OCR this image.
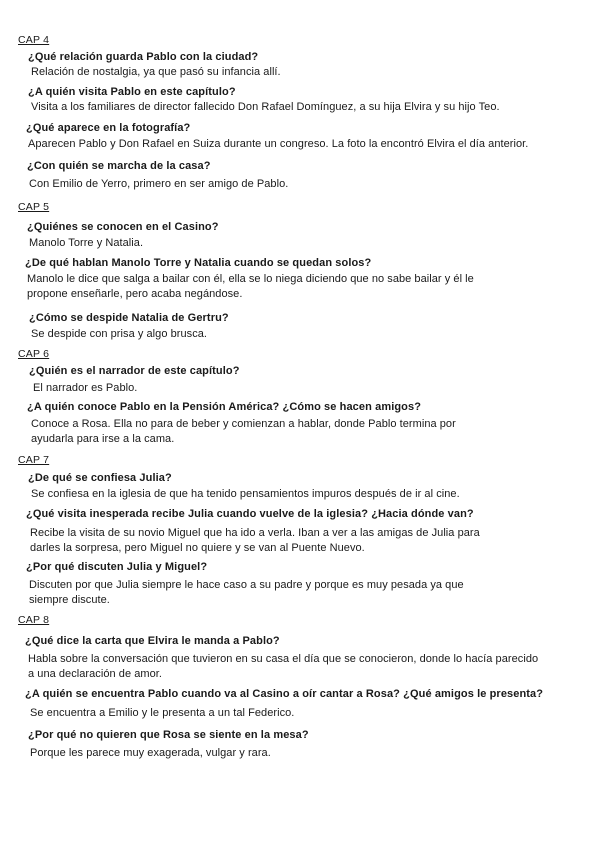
CAP 4
¿Qué relación guarda Pablo con la ciudad?
Relación de nostalgia, ya que pasó su infancia allí.
¿A quién visita Pablo en este capítulo?
Visita a los familiares de director fallecido Don Rafael Domínguez, a su hija Elvira y su hijo Teo.
¿Qué aparece en la fotografía?
Aparecen Pablo y Don Rafael en Suiza durante un congreso. La foto la encontró Elvira el día anterior.
¿Con quién se marcha de la casa?
Con Emilio de Yerro, primero en ser amigo de Pablo.
CAP 5
¿Quiénes se conocen en el Casino?
Manolo Torre y Natalia.
¿De qué hablan Manolo Torre y Natalia cuando se quedan solos?
Manolo le dice que salga a bailar con él, ella se lo niega diciendo que no sabe bailar y él le
propone enseñarle, pero acaba negándose.
¿Cómo se despide Natalia de Gertru?
Se despide con prisa y algo brusca.
CAP 6
¿Quién es el narrador de este capítulo?
El narrador es Pablo.
¿A quién conoce Pablo en la Pensión América? ¿Cómo se hacen amigos?
Conoce a Rosa. Ella no para de beber y comienzan a hablar, donde Pablo termina por
ayudarla para irse a la cama.
CAP 7
¿De qué se confiesa Julia?
Se confiesa en la iglesia de que ha tenido pensamientos impuros después de ir al cine.
¿Qué visita inesperada recibe Julia cuando vuelve de la iglesia? ¿Hacia dónde van?
Recibe la visita de su novio Miguel que ha ido a verla. Iban a ver a las amigas de Julia para
darles la sorpresa, pero Miguel no quiere y se van al Puente Nuevo.
¿Por qué discuten Julia y Miguel?
Discuten por que Julia siempre le hace caso a su padre y porque es muy pesada ya que
siempre discute.
CAP 8
¿Qué dice la carta que Elvira le manda a Pablo?
Habla sobre la conversación que tuvieron en su casa el día que se conocieron, donde lo hacía parecido
a una declaración de amor.
¿A quién se encuentra Pablo cuando va al Casino a oír cantar a Rosa? ¿Qué amigos le presenta?
Se encuentra a Emilio y le presenta a un tal Federico.
¿Por qué no quieren que Rosa se siente en la mesa?
Porque les parece muy exagerada, vulgar y rara.
